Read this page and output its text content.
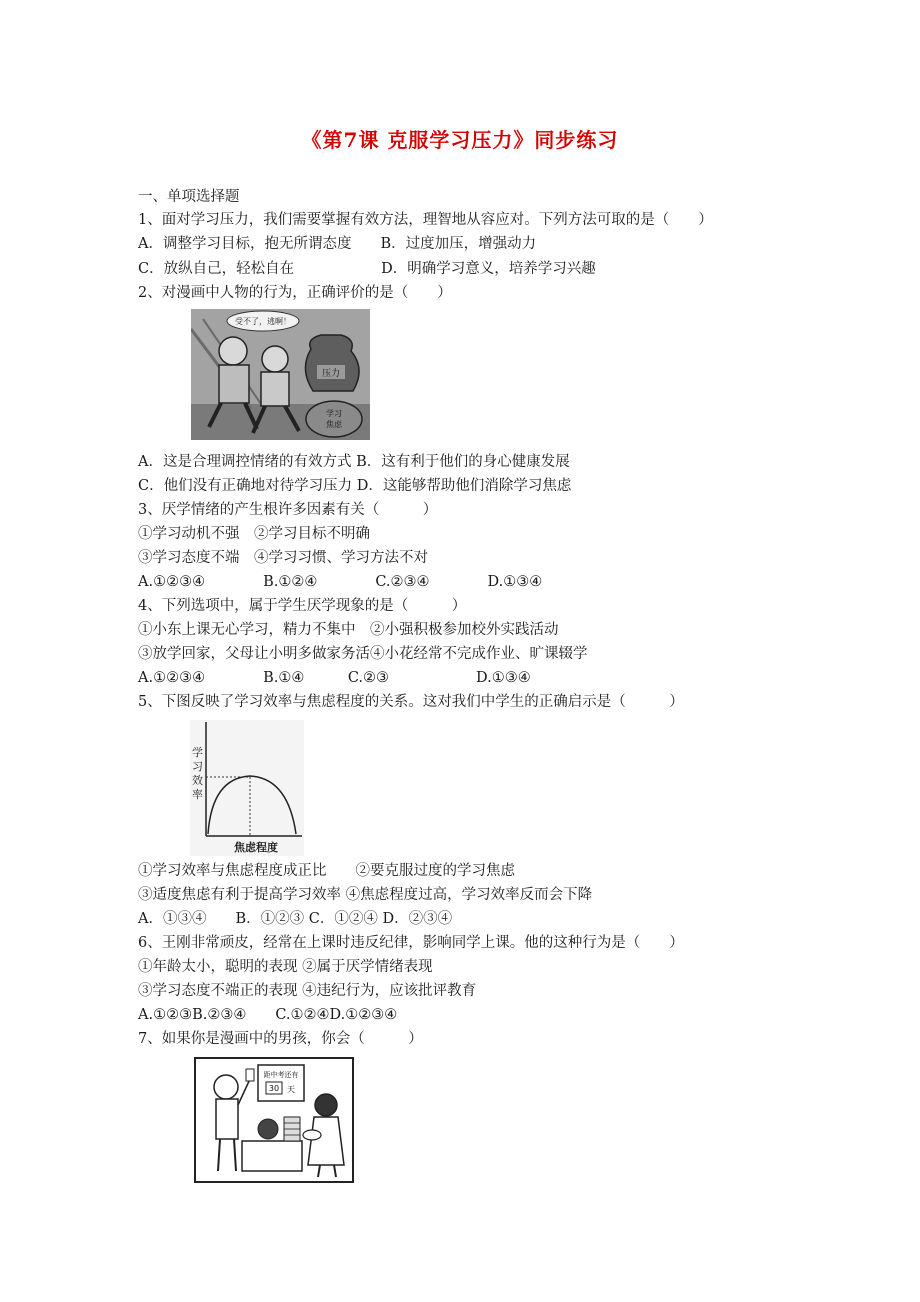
《第7课 克服学习压力》同步练习
一、单项选择题
1、面对学习压力，我们需要掌握有效方法，理智地从容应对。下列方法可取的是（　　）
A．调整学习目标，抱无所谓态度　　B．过度加压，增强动力
C．放纵自己，轻松自在　　　　　　D．明确学习意义，培养学习兴趣
2、对漫画中人物的行为，正确评价的是（　　）
受不了，逃啊！
压力
学习
焦虑
A．这是合理调控情绪的有效方式 B．这有利于他们的身心健康发展
C．他们没有正确地对待学习压力 D．这能够帮助他们消除学习焦虑
3、厌学情绪的产生根许多因素有关（　　　）
①学习动机不强　②学习目标不明确
③学习态度不端　④学习习惯、学习方法不对
A.①②③④　　　　B.①②④　　　　C.②③④　　　　D.①③④
4、下列选项中，属于学生厌学现象的是（　　　）
①小东上课无心学习，精力不集中　②小强积极参加校外实践活动
③放学回家，父母让小明多做家务活④小花经常不完成作业、旷课辍学
A.①②③④　　　　B.①④　　　C.②③　　　　　　D.①③④
5、下图反映了学习效率与焦虑程度的关系。这对我们中学生的正确启示是（　　　）
学
习
效
率
焦虑程度
①学习效率与焦虑程度成正比　　②要克服过度的学习焦虑
③适度焦虑有利于提高学习效率 ④焦虑程度过高，学习效率反而会下降
A．①③④　　B．①②③ C．①②④ D．②③④
6、王刚非常顽皮，经常在上课时违反纪律，影响同学上课。他的这种行为是（　　）
①年龄太小，聪明的表现 ②属于厌学情绪表现
③学习态度不端正的表现 ④违纪行为，应该批评教育
A.①②③B.②③④　　C.①②④D.①②③④
7、如果你是漫画中的男孩，你会（　　　）
距中考还有
30 天
